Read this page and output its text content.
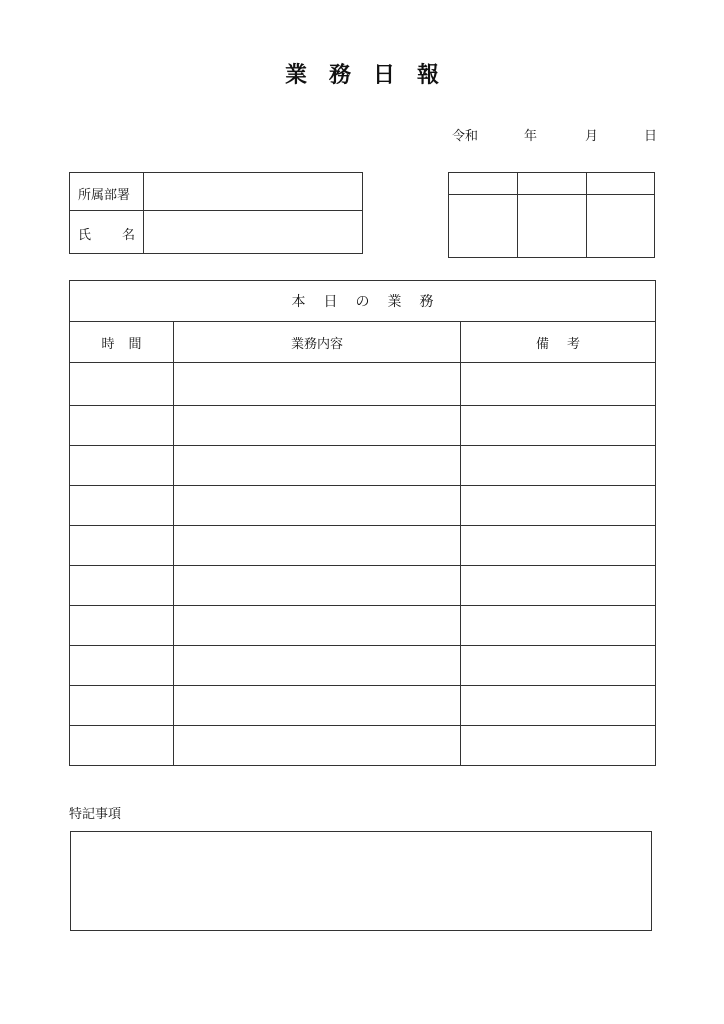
業務日報
令和	年	月	日
所属部署
氏 名
本日の業務
時間	業務内容	備考
特記事項
